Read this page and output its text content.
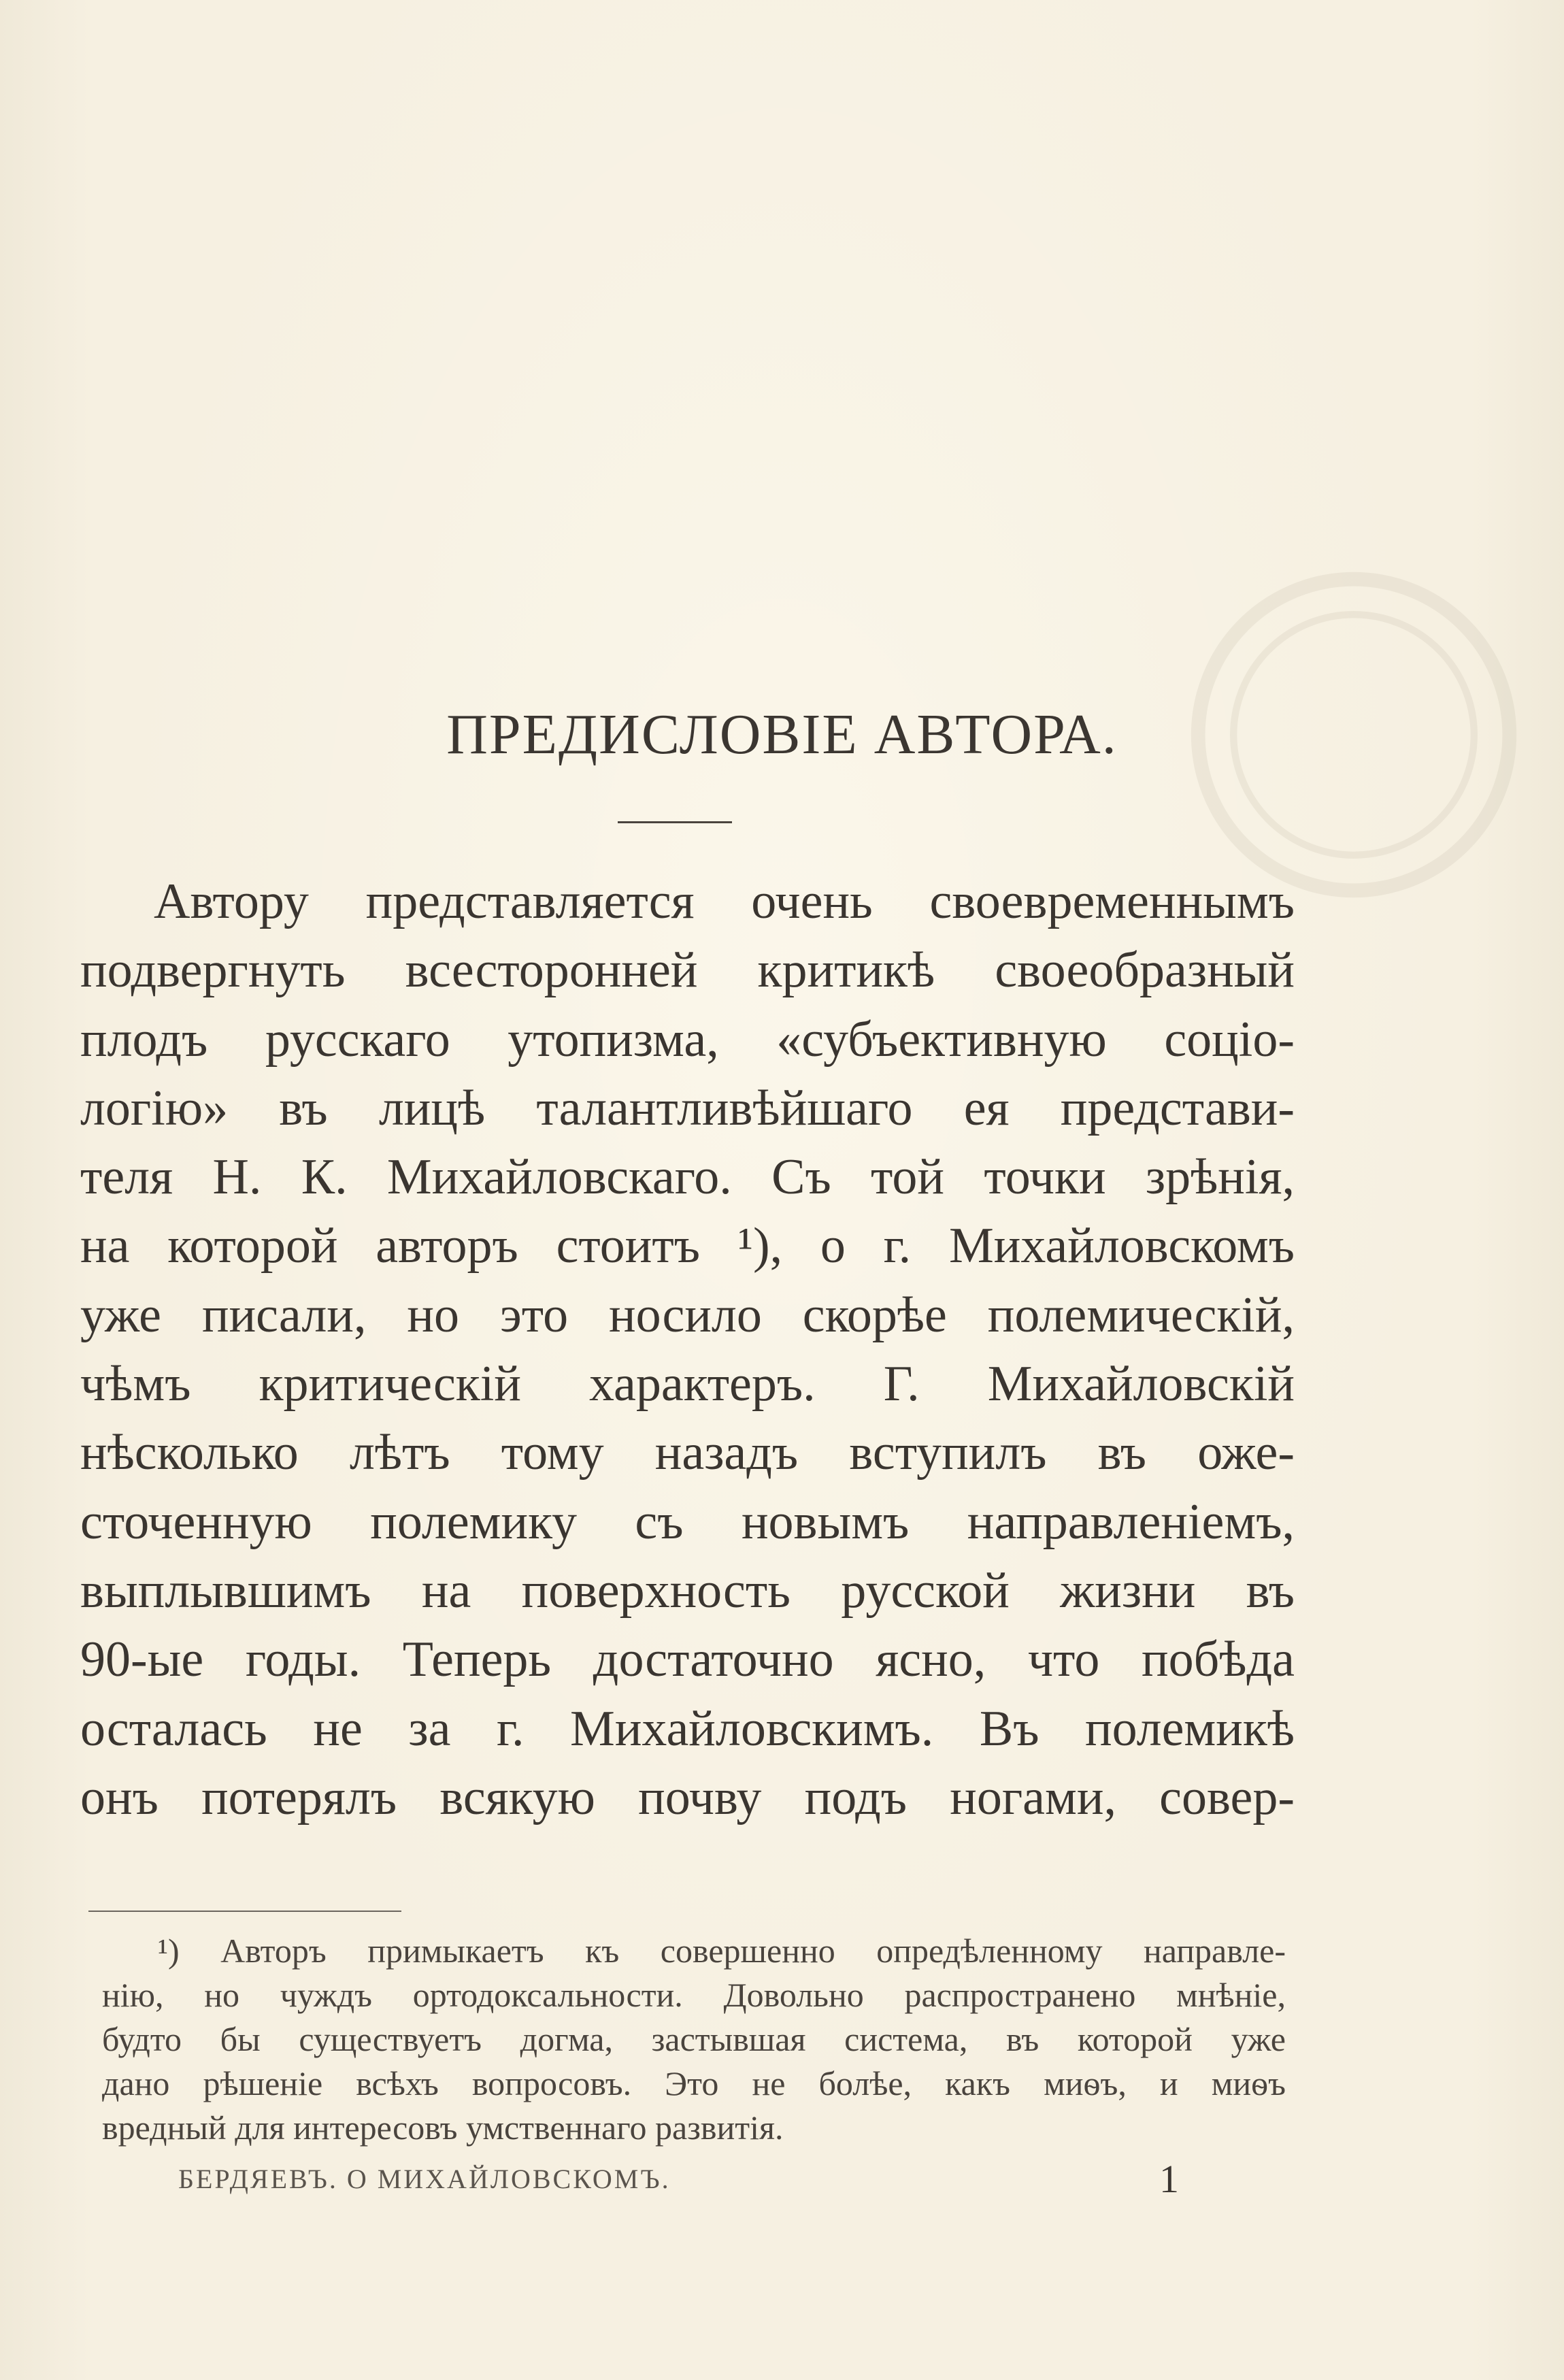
ПРЕДИСЛОВІЕ АВТОРА.
Автору представляется очень своевременнымъ
подвергнуть всесторонней критикѣ своеобразный
плодъ русскаго утопизма, «субъективную соціо-
логію» въ лицѣ талантливѣйшаго ея представи-
теля Н. К. Михайловскаго. Съ той точки зрѣнія,
на которой авторъ стоитъ ¹), о г. Михайловскомъ
уже писали, но это носило скорѣе полемическій,
чѣмъ критическій характеръ. Г. Михайловскій
нѣсколько лѣтъ тому назадъ вступилъ въ оже-
сточенную полемику съ новымъ направленіемъ,
выплывшимъ на поверхность русской жизни въ
90-ые годы. Теперь достаточно ясно, что побѣда
осталась не за г. Михайловскимъ. Въ полемикѣ
онъ потерялъ всякую почву подъ ногами, совер-
¹) Авторъ примыкаетъ къ совершенно опредѣленному направле-
нію, но чуждъ ортодоксальности. Довольно распространено мнѣніе,
будто бы существуетъ догма, застывшая система, въ которой уже
дано рѣшеніе всѣхъ вопросовъ. Это не болѣе, какъ миѳъ, и миѳъ
вредный для интересовъ умственнаго развитія.
БЕРДЯЕВЪ. О МИХАЙЛОВСКОМЪ.	1
